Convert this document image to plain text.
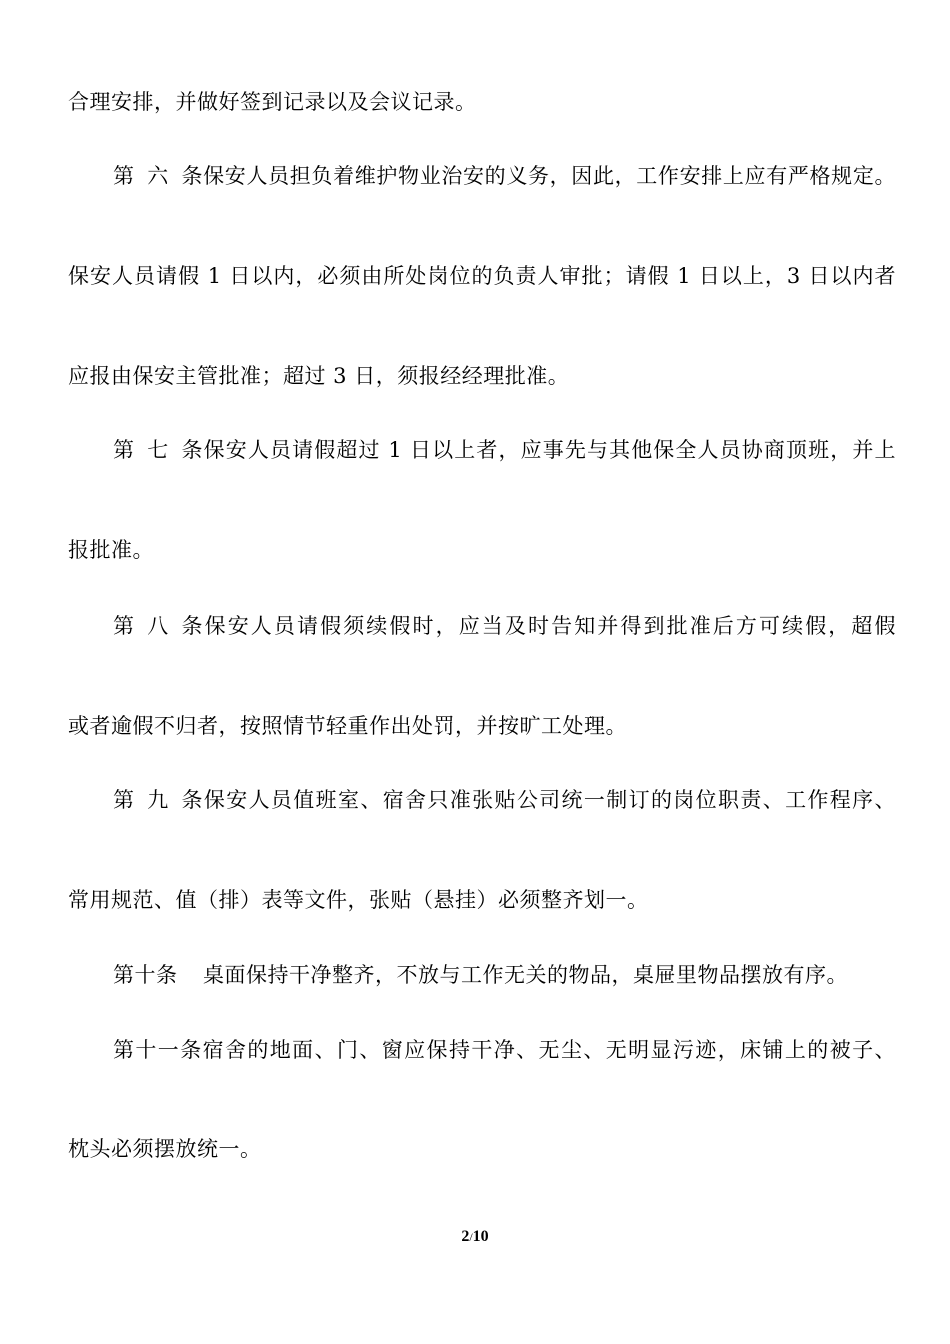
合理安排，并做好签到记录以及会议记录。
第六条保安人员担负着维护物业治安的义务，因此，工作安排上应有严格规定。
保安人员请假 1 日以内，必须由所处岗位的负责人审批；请假 1 日以上，3 日以内者
应报由保安主管批准；超过 3 日，须报经经理批准。
第七条保安人员请假超过 1 日以上者，应事先与其他保全人员协商顶班，并上
报批准。
第八条保安人员请假须续假时，应当及时告知并得到批准后方可续假，超假
或者逾假不归者，按照情节轻重作出处罚，并按旷工处理。
第九条保安人员值班室、宿舍只准张贴公司统一制订的岗位职责、工作程序、
常用规范、值（排）表等文件，张贴（悬挂）必须整齐划一。
第十条 桌面保持干净整齐，不放与工作无关的物品，桌屉里物品摆放有序。
第十一条宿舍的地面、门、窗应保持干净、无尘、无明显污迹，床铺上的被子、
枕头必须摆放统一。
2/10
